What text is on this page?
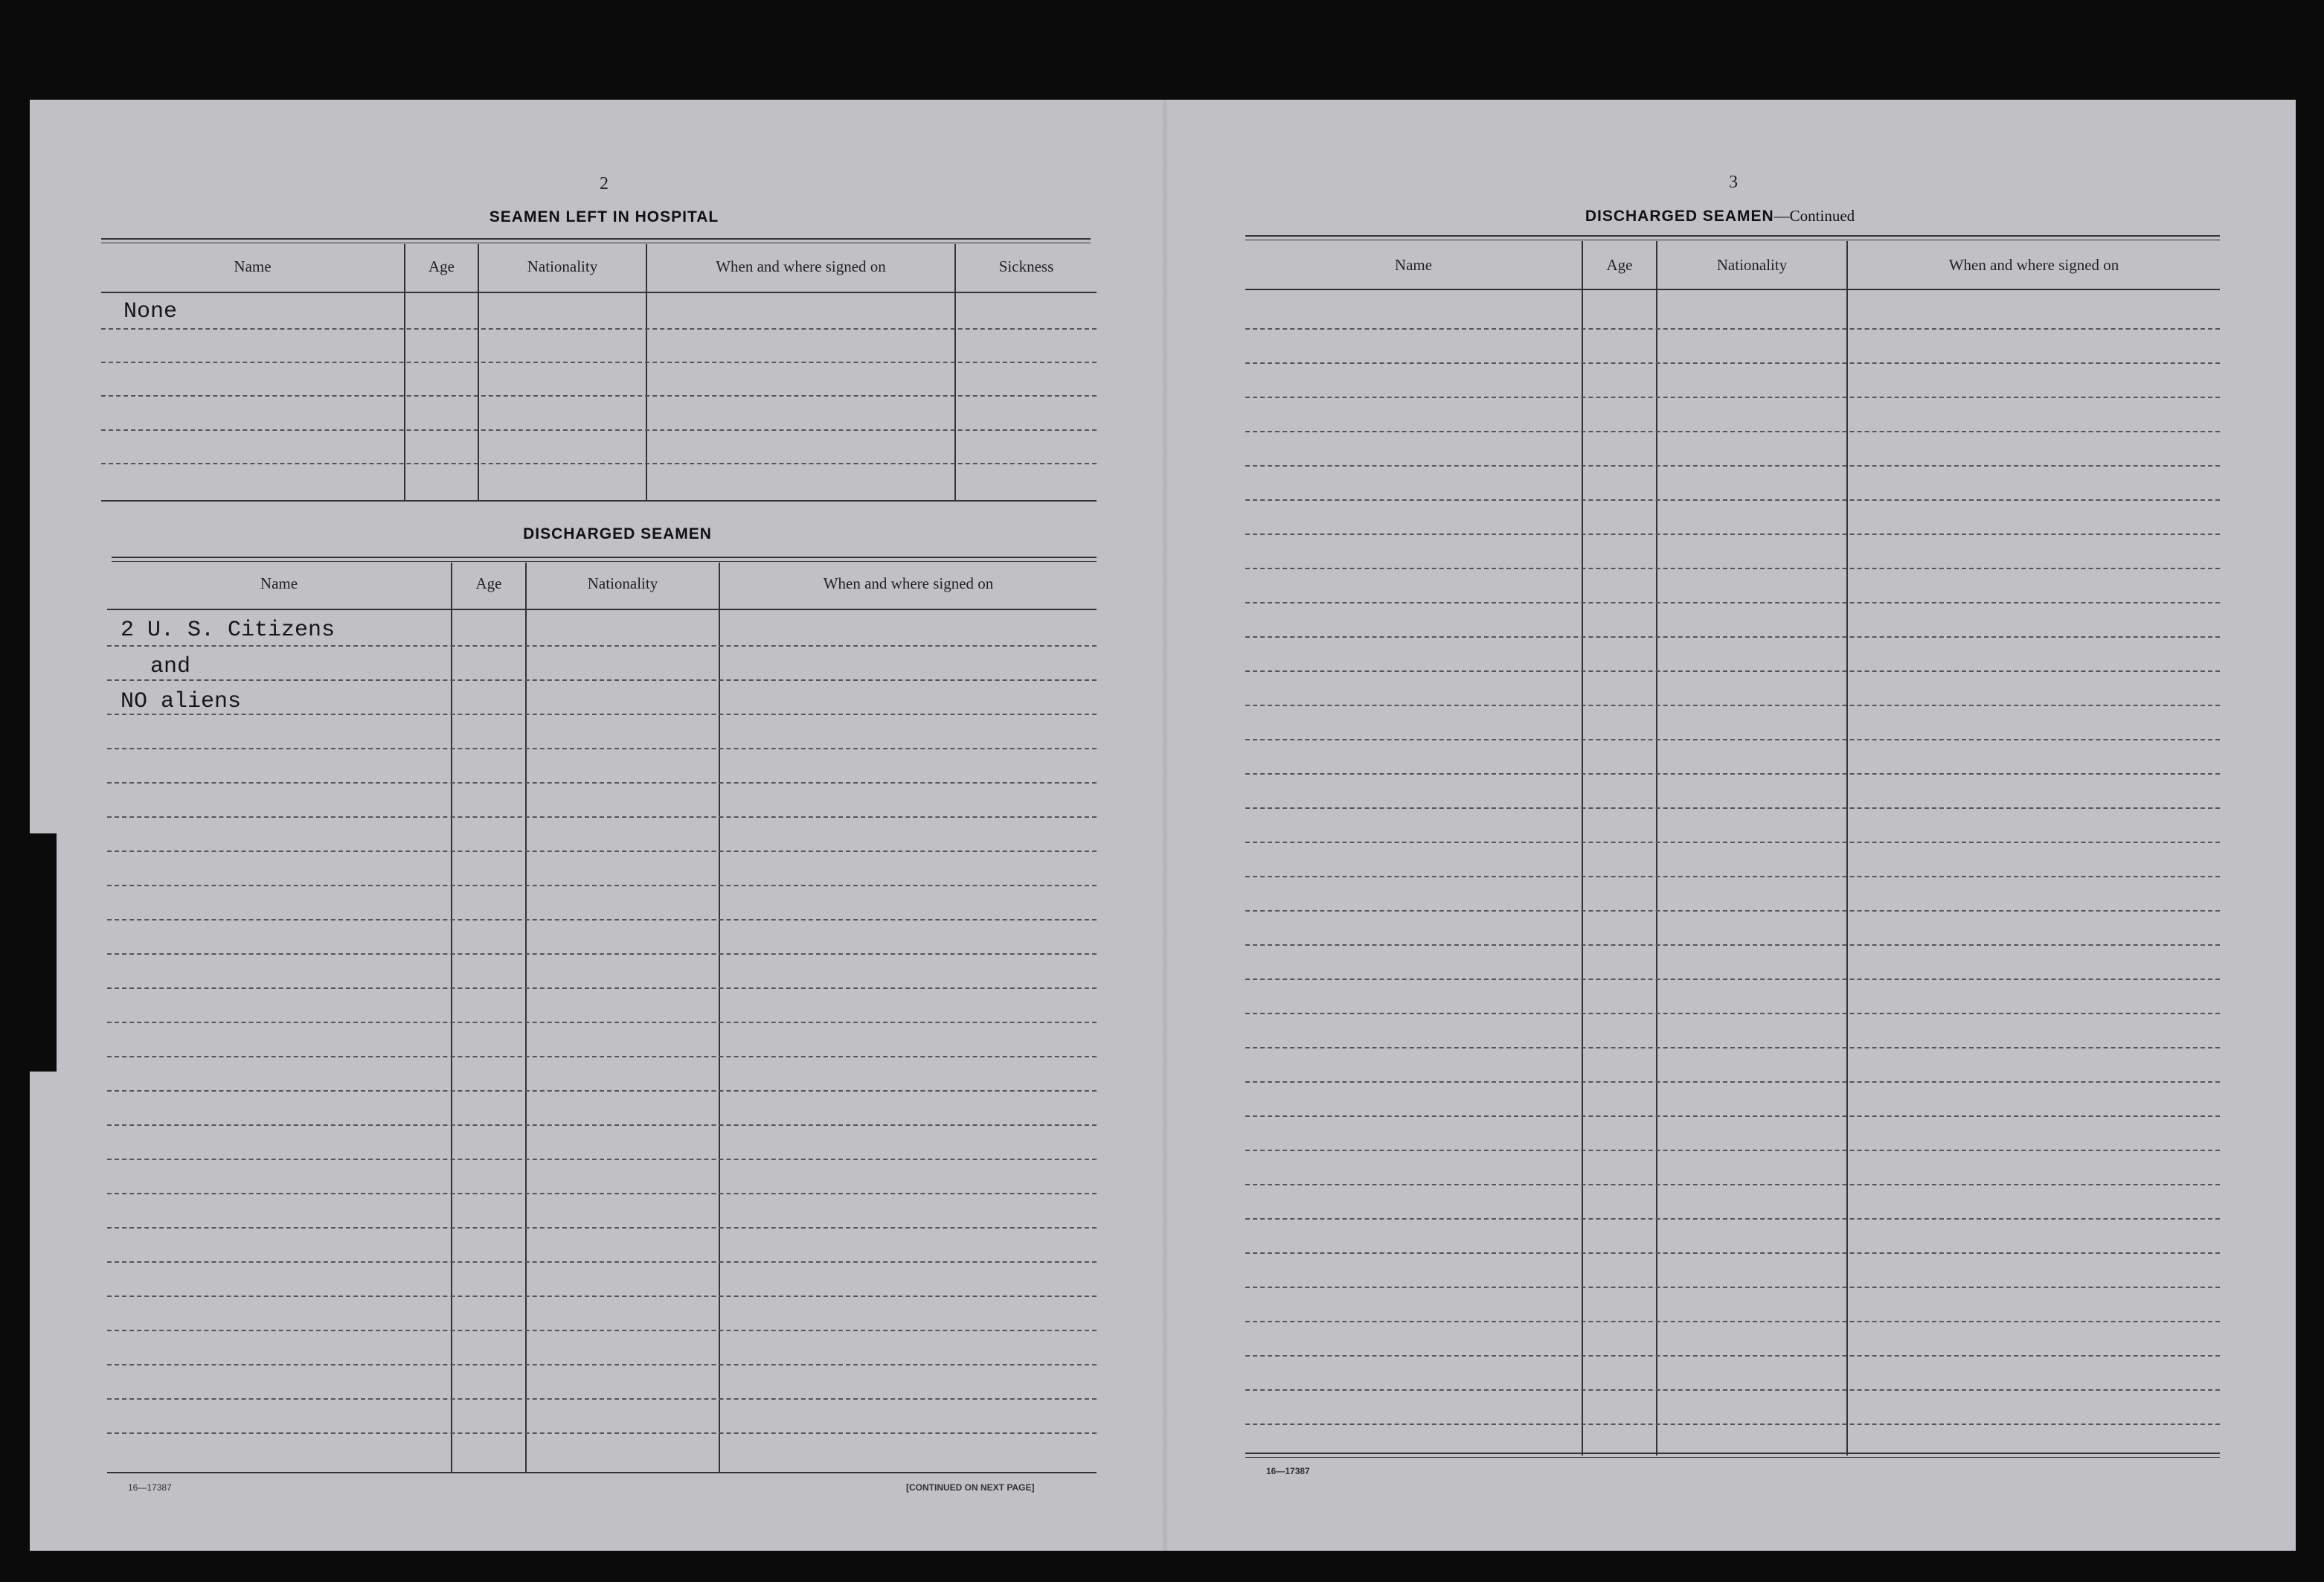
2
SEAMEN LEFT IN HOSPITAL
Name	Age	Nationality	When and where signed on	Sickness
None
DISCHARGED SEAMEN
Name	Age	Nationality	When and where signed on
2 U. S. Citizens
and
NO aliens
16—17387	[CONTINUED ON NEXT PAGE]
3
DISCHARGED SEAMEN—Continued
Name	Age	Nationality	When and where signed on
16—17387
